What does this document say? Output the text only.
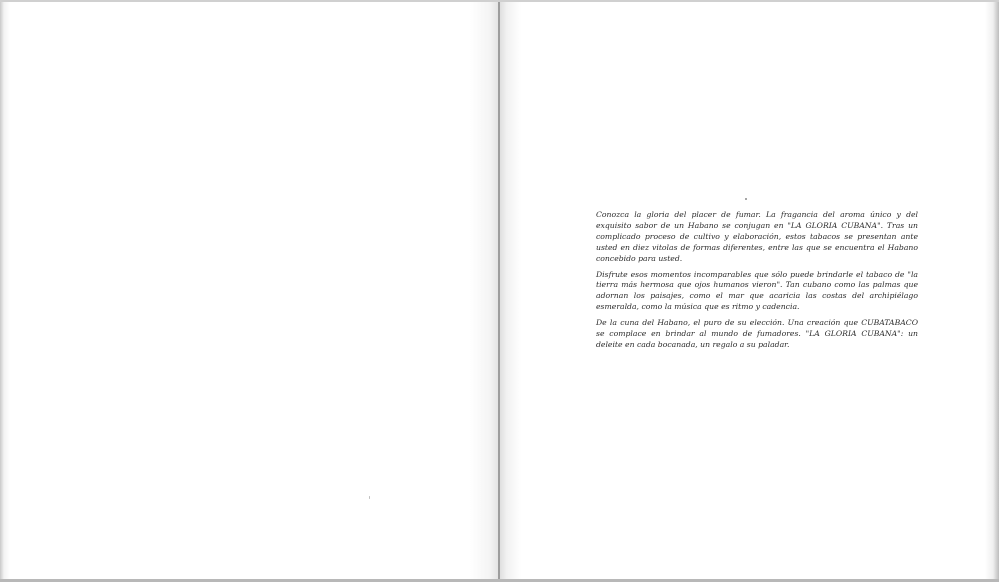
Conozca la gloria del placer de fumar. La fragancia del aroma único y del exquisito sabor de un Habano se conjugan en "LA GLORIA CUBANA". Tras un complicado proceso de cultivo y elaboración, estos tabacos se presentan ante usted en diez vitolas de formas diferentes, entre las que se encuentra el Habano concebido para usted.

Disfrute esos momentos incomparables que sólo puede brindarle el tabaco de "la tierra más hermosa que ojos humanos vieron". Tan cubano como las palmas que adornan los paisajes, como el mar que acaricia las costas del archipiélago esmeralda, como la música que es ritmo y cadencia.

De la cuna del Habano, el puro de su elección. Una creación que CUBATABACO se complace en brindar al mundo de fumadores. "LA GLORIA CUBANA": un deleite en cada bocanada, un regalo a su paladar.
